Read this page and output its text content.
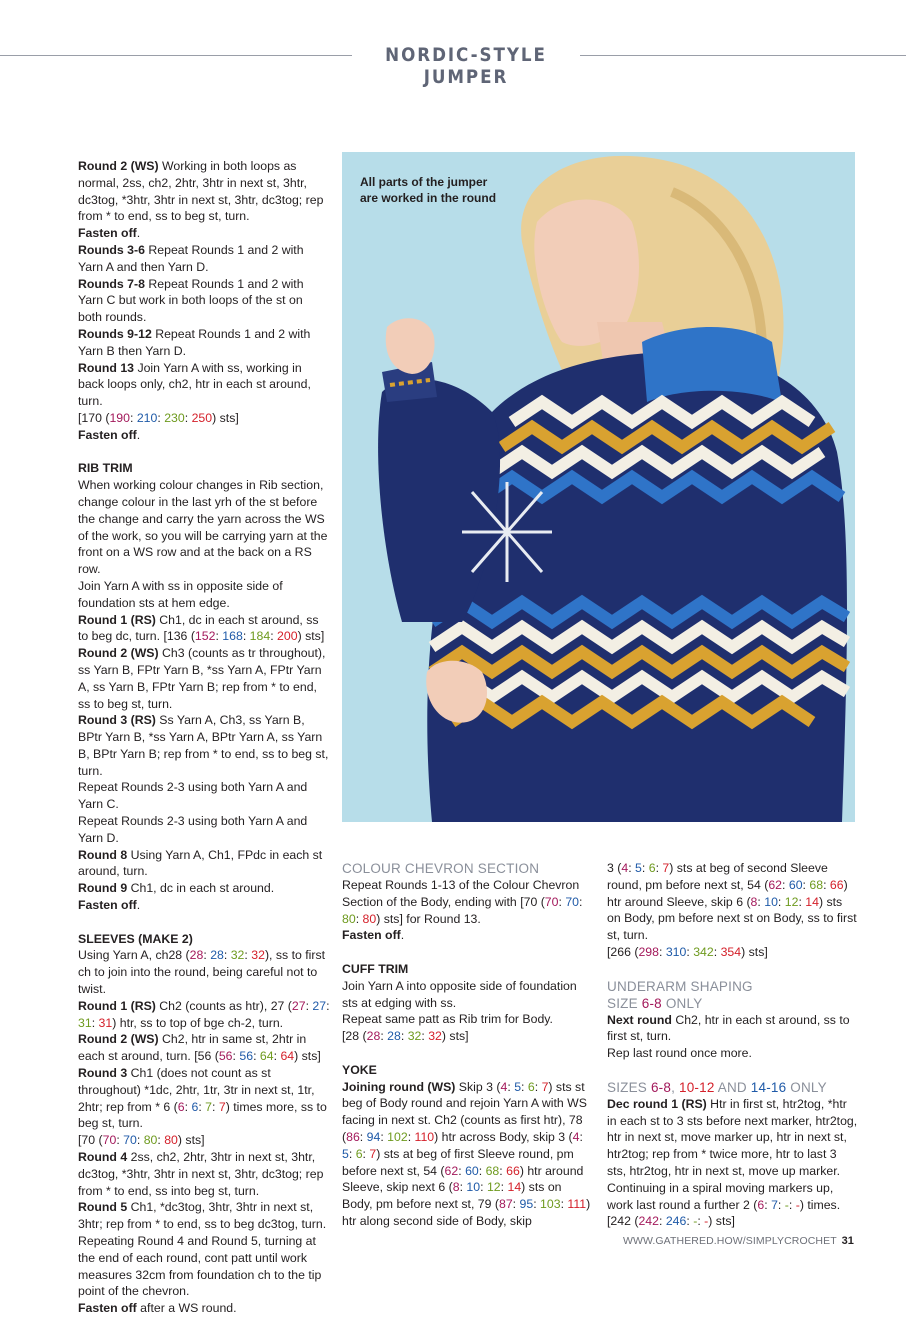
NORDIC-STYLE JUMPER

Round 2 (WS) Working in both loops as normal, 2ss, ch2, 2htr, 3htr in next st, 3htr, dc3tog, *3htr, 3htr in next st, 3htr, dc3tog; rep from * to end, ss to beg st, turn.

Fasten off.

Rounds 3-6 Repeat Rounds 1 and 2 with Yarn A and then Yarn D.

Rounds 7-8 Repeat Rounds 1 and 2 with Yarn C but work in both loops of the st on both rounds.

Rounds 9-12 Repeat Rounds 1 and 2 with Yarn B then Yarn D.

Round 13 Join Yarn A with ss, working in back loops only, ch2, htr in each st around, turn.

[170 (190: 210: 230: 250) sts]

Fasten off.

RIB TRIM

When working colour changes in Rib section, change colour in the last yrh of the st before the change and carry the yarn across the WS of the work, so you will be carrying yarn at the front on a WS row and at the back on a RS row.

Join Yarn A with ss in opposite side of foundation sts at hem edge.

Round 1 (RS) Ch1, dc in each st around, ss to beg dc, turn. [136 (152: 168: 184: 200) sts]

Round 2 (WS) Ch3 (counts as tr throughout), ss Yarn B, FPtr Yarn B, *ss Yarn A, FPtr Yarn A, ss Yarn B, FPtr Yarn B; rep from * to end, ss to beg st, turn.

Round 3 (RS) Ss Yarn A, Ch3, ss Yarn B, BPtr Yarn B, *ss Yarn A, BPtr Yarn A, ss Yarn B, BPtr Yarn B; rep from * to end, ss to beg st, turn.

Repeat Rounds 2-3 using both Yarn A and Yarn C.

Repeat Rounds 2-3 using both Yarn A and Yarn D.

Round 8 Using Yarn A, Ch1, FPdc in each st around, turn.

Round 9 Ch1, dc in each st around.

Fasten off.

SLEEVES (MAKE 2)

Using Yarn A, ch28 (28: 28: 32: 32), ss to first ch to join into the round, being careful not to twist.

Round 1 (RS) Ch2 (counts as htr), 27 (27: 27: 31: 31) htr, ss to top of bge ch-2, turn.

Round 2 (WS) Ch2, htr in same st, 2htr in each st around, turn. [56 (56: 56: 64: 64) sts]

Round 3 Ch1 (does not count as st throughout) *1dc, 2htr, 1tr, 3tr in next st, 1tr, 2htr; rep from * 6 (6: 6: 7: 7) times more, ss to beg st, turn.

[70 (70: 70: 80: 80) sts]

Round 4 2ss, ch2, 2htr, 3htr in next st, 3htr, dc3tog, *3htr, 3htr in next st, 3htr, dc3tog; rep from * to end, ss into beg st, turn.

Round 5 Ch1, *dc3tog, 3htr, 3htr in next st, 3htr; rep from * to end, ss to beg dc3tog, turn.

Repeating Round 4 and Round 5, turning at the end of each round, cont patt until work measures 32cm from foundation ch to the tip point of the chevron.

Fasten off after a WS round.

All parts of the jumper
are worked in the round

COLOUR CHEVRON SECTION

Repeat Rounds 1-13 of the Colour Chevron Section of the Body, ending with [70 (70: 70: 80: 80) sts] for Round 13.

Fasten off.

CUFF TRIM

Join Yarn A into opposite side of foundation sts at edging with ss.

Repeat same patt as Rib trim for Body.

[28 (28: 28: 32: 32) sts]

YOKE

Joining round (WS) Skip 3 (4: 5: 6: 7) sts st beg of Body round and rejoin Yarn A with WS facing in next st. Ch2 (counts as first htr), 78 (86: 94: 102: 110) htr across Body, skip 3 (4: 5: 6: 7) sts at beg of first Sleeve round, pm before next st, 54 (62: 60: 68: 66) htr around Sleeve, skip next 6 (8: 10: 12: 14) sts on Body, pm before next st, 79 (87: 95: 103: 111) htr along second side of Body, skip

3 (4: 5: 6: 7) sts at beg of second Sleeve round, pm before next st, 54 (62: 60: 68: 66) htr around Sleeve, skip 6 (8: 10: 12: 14) sts on Body, pm before next st on Body, ss to first st, turn.

[266 (298: 310: 342: 354) sts]

UNDERARM SHAPING

SIZE 6-8 ONLY

Next round Ch2, htr in each st around, ss to first st, turn.

Rep last round once more.

SIZES 6-8, 10-12 AND 14-16 ONLY

Dec round 1 (RS) Htr in first st, htr2tog, *htr in each st to 3 sts before next marker, htr2tog, htr in next st, move marker up, htr in next st, htr2tog; rep from * twice more, htr to last 3 sts, htr2tog, htr in next st, move up marker. Continuing in a spiral moving markers up, work last round a further 2 (6: 7: -: -) times.

[242 (242: 246: -: -) sts]

WWW.GATHERED.HOW/SIMPLYCROCHET 31
